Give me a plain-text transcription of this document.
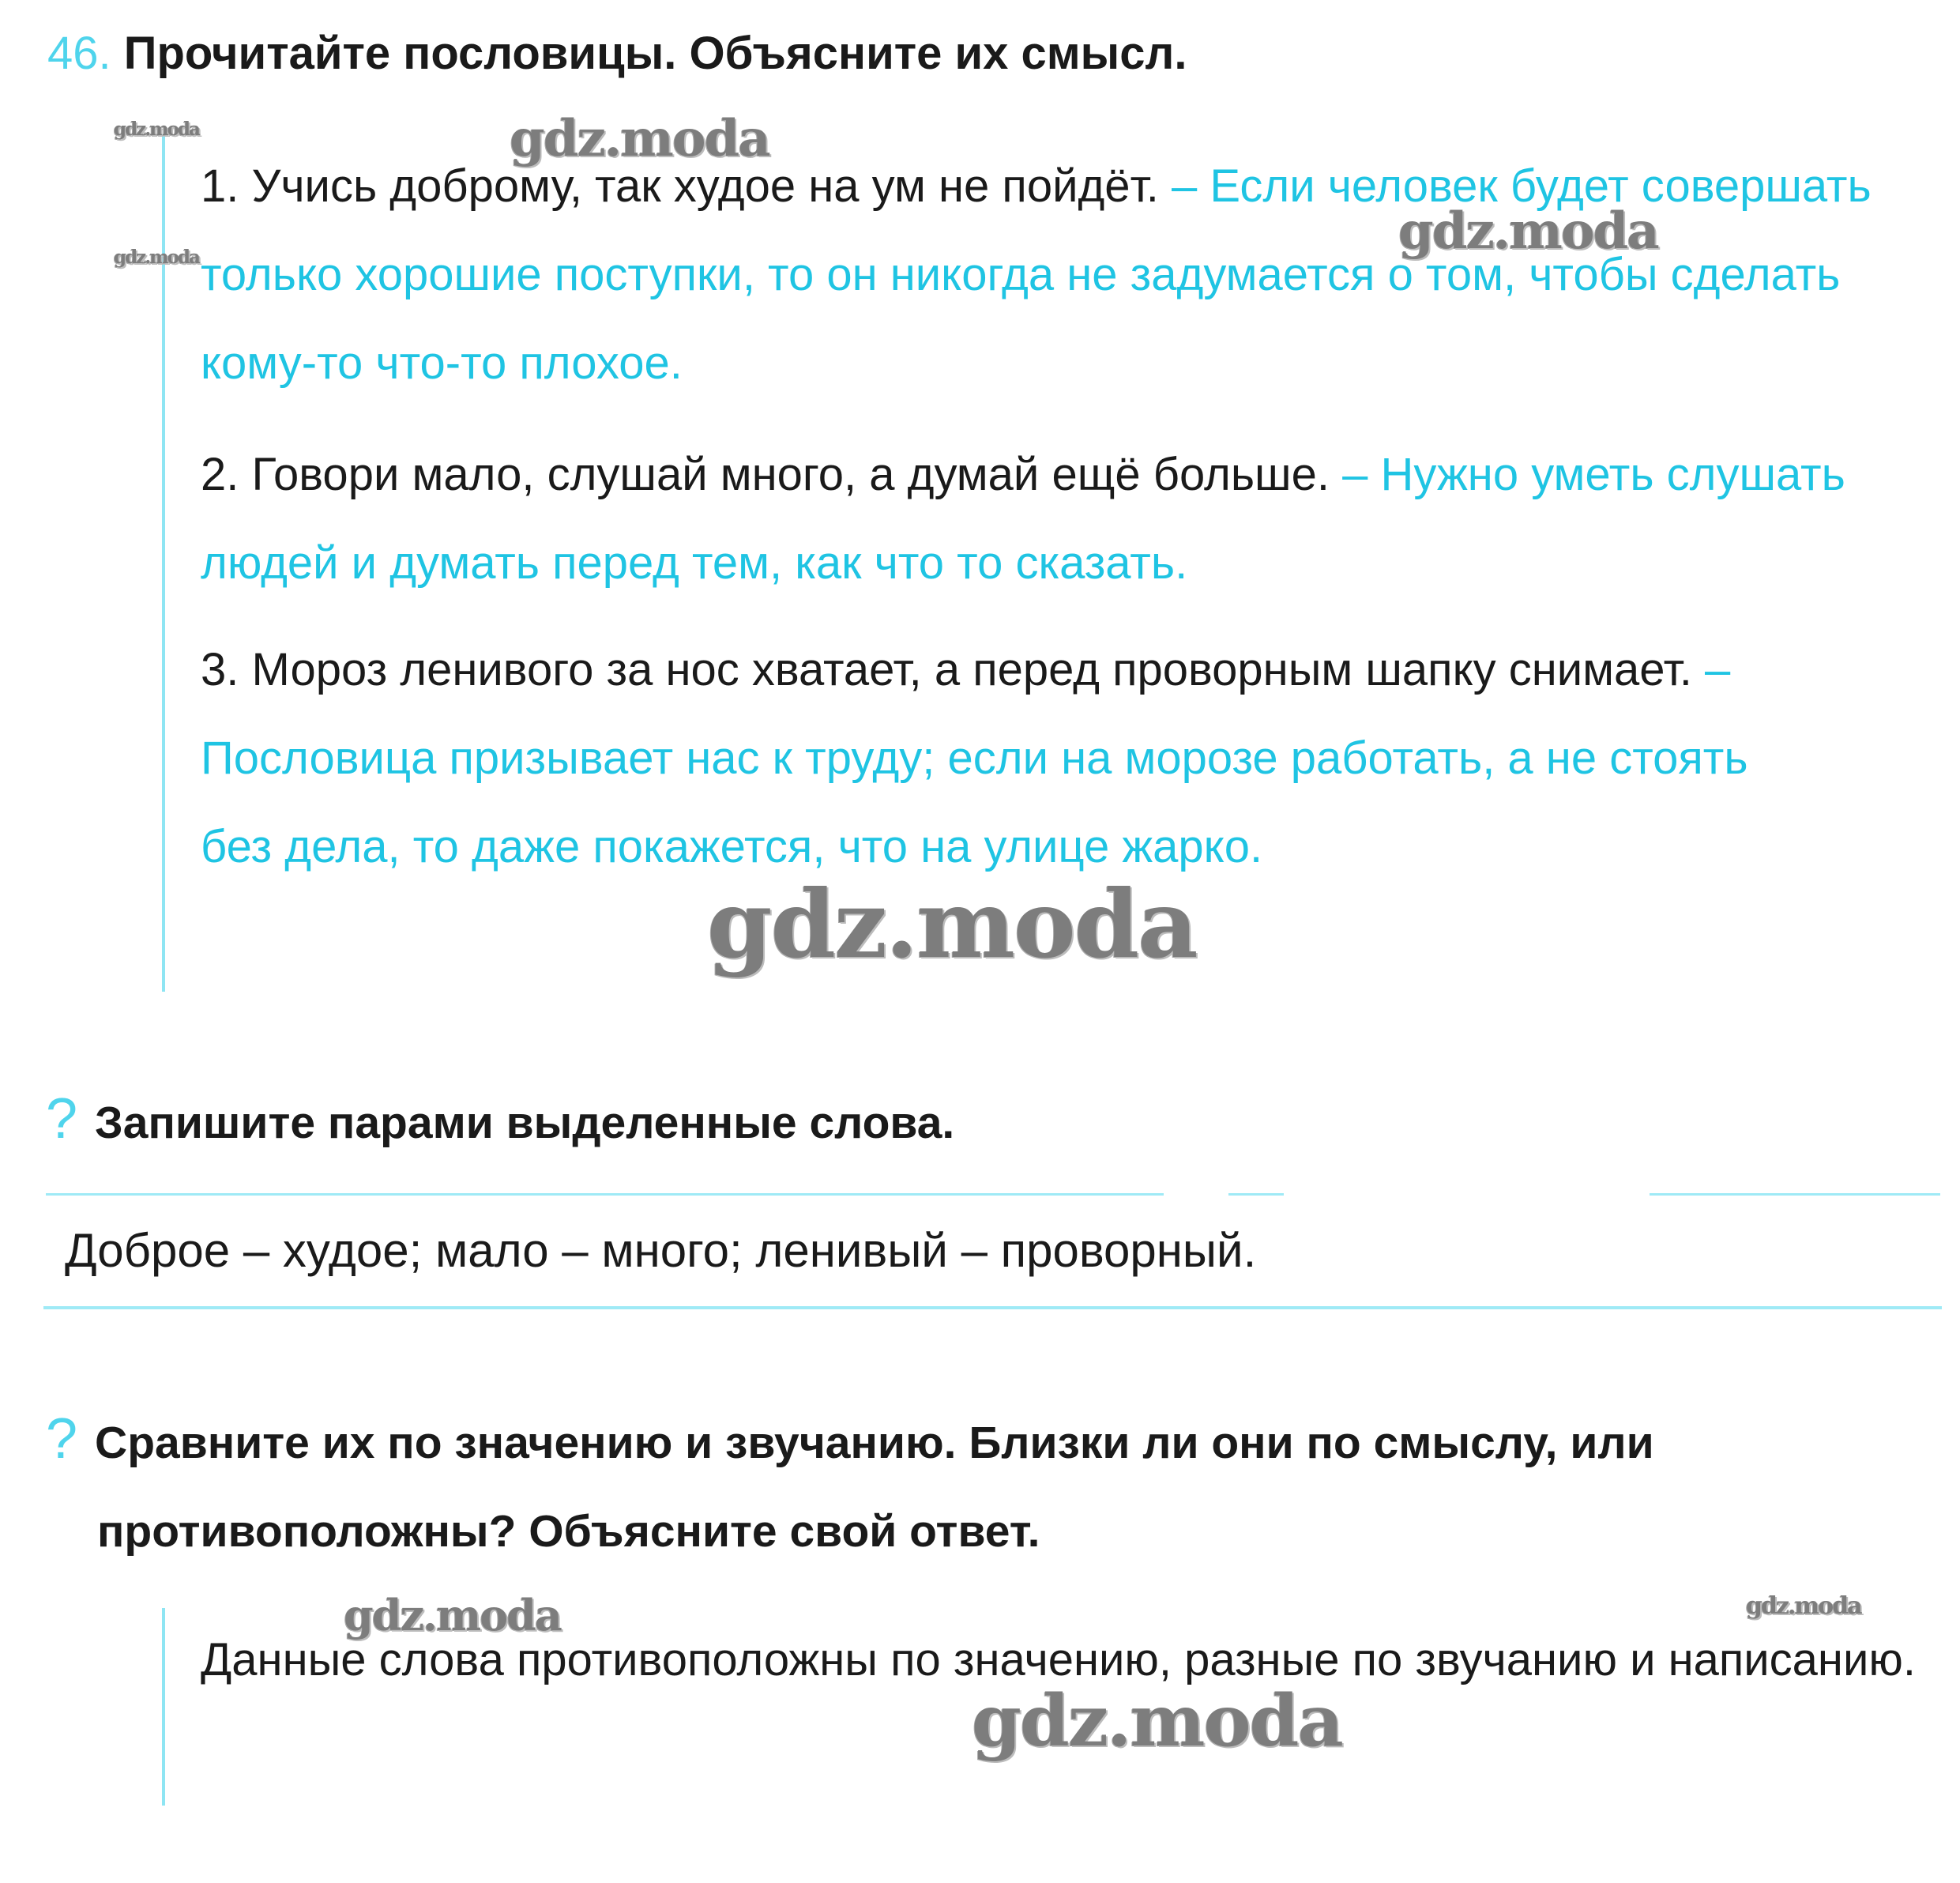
46. Прочитайте пословицы. Объясните их смысл.
1. Учись доброму, так худое на ум не пойдёт. – Если человек будет совершать только хорошие поступки, то он никогда не задумается о том, чтобы сделать кому-то что-то плохое.
2. Говори мало, слушай много, а думай ещё больше. – Нужно уметь слушать людей и думать перед тем, как что то сказать.
3. Мороз ленивого за нос хватает, а перед проворным шапку снимает. – Пословица призывает нас к труду; если на морозе работать, а не стоять без дела, то даже покажется, что на улице жарко.
? Запишите парами выделенные слова.
Доброе – худое; мало – много; ленивый – проворный.
? Сравните их по значению и звучанию. Близки ли они по смыслу, или противоположны? Объясните свой ответ.
Данные слова противоположны по значению, разные по звучанию и написанию.
gdz.moda
gdz.moda
gdz.moda
gdz.moda
gdz.moda
gdz.moda	gdz.moda
gdz.moda
